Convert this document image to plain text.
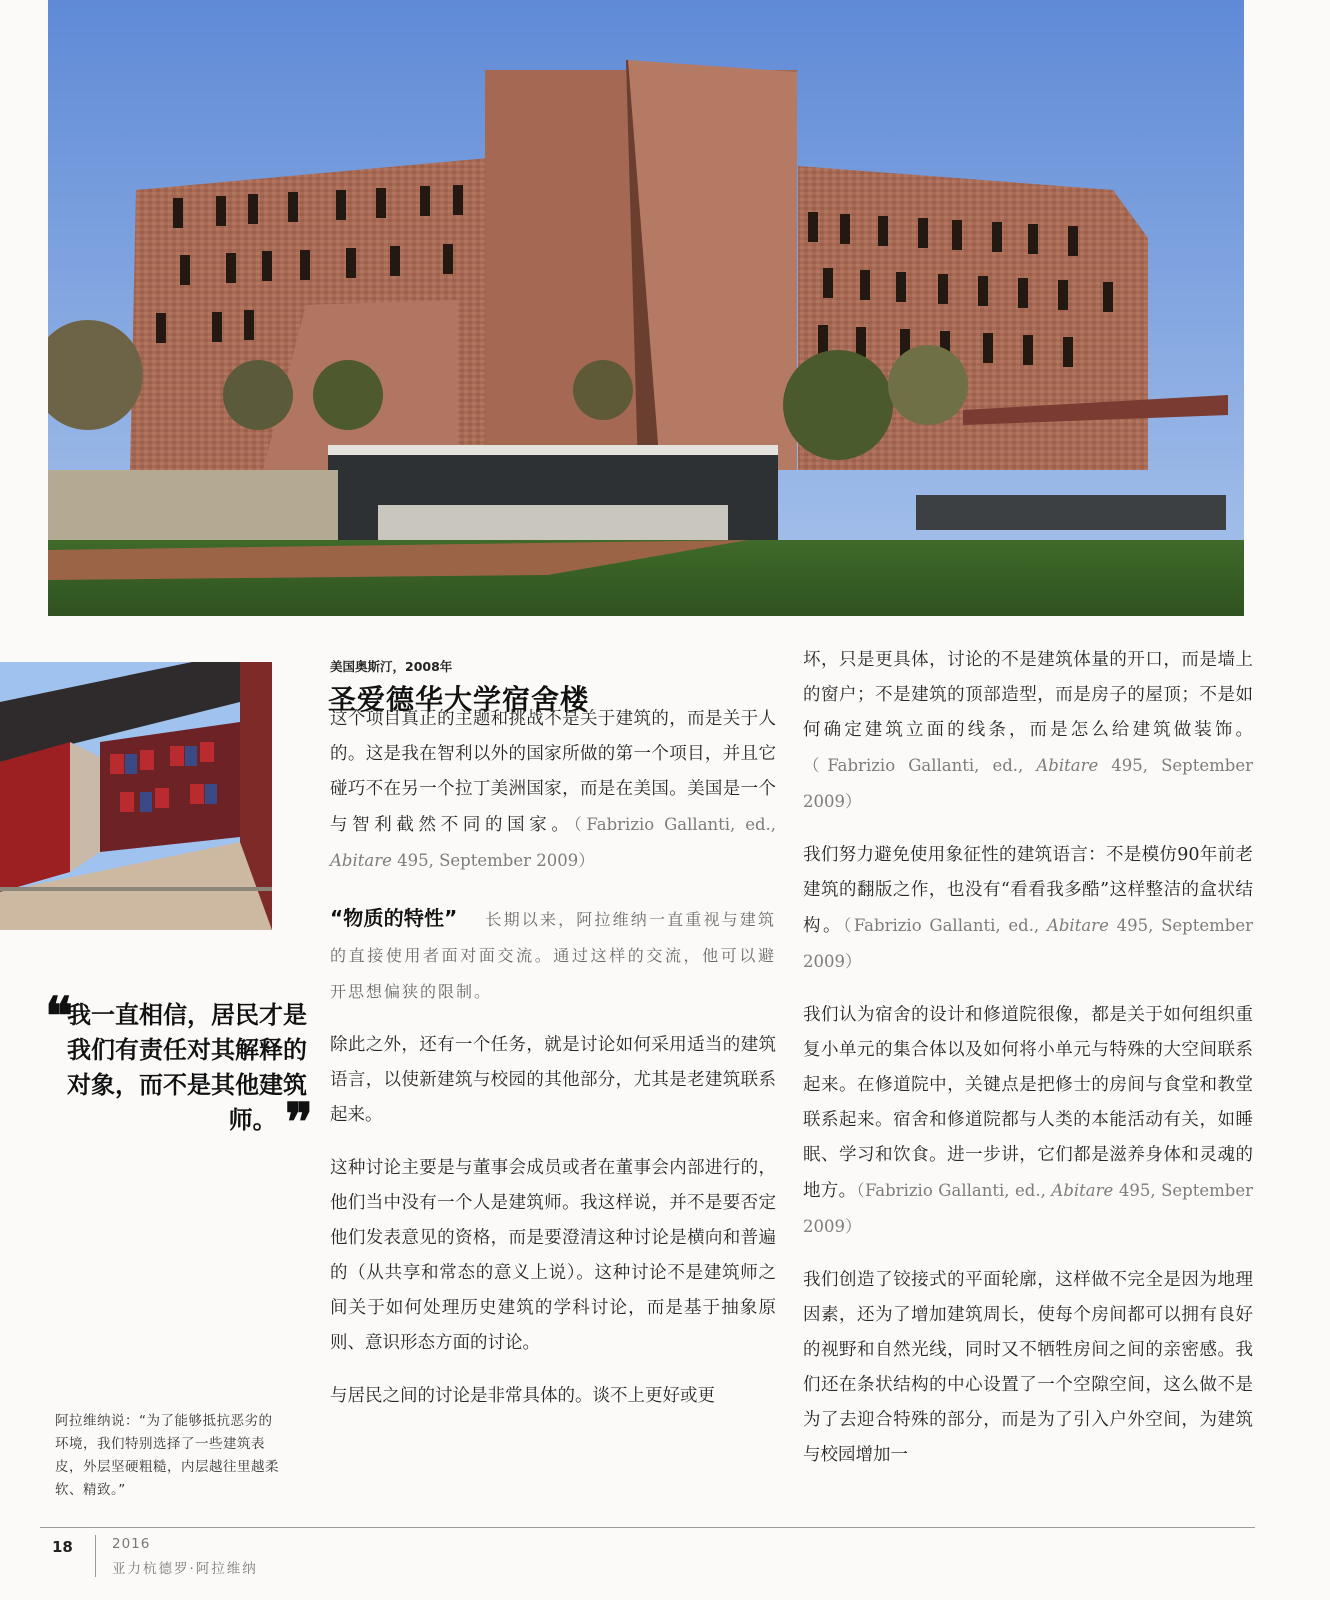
❝ 我一直相信，居民才是我们有责任对其解释的对象，而不是其他建筑师。 ❞
阿拉维纳说：“为了能够抵抗恶劣的环境，我们特别选择了一些建筑表皮，外层坚硬粗糙，内层越往里越柔软、精致。”
美国奥斯汀，2008年
圣爱德华大学宿舍楼

这个项目真正的主题和挑战不是关于建筑的，而是关于人的。这是我在智利以外的国家所做的第一个项目，并且它碰巧不在另一个拉丁美洲国家，而是在美国。美国是一个与智利截然不同的国家。（Fabrizio Gallanti, ed., Abitare 495, September 2009）

“物质的特性” 长期以来，阿拉维纳一直重视与建筑的直接使用者面对面交流。通过这样的交流，他可以避开思想偏狭的限制。

除此之外，还有一个任务，就是讨论如何采用适当的建筑语言，以使新建筑与校园的其他部分，尤其是老建筑联系起来。

这种讨论主要是与董事会成员或者在董事会内部进行的，他们当中没有一个人是建筑师。我这样说，并不是要否定他们发表意见的资格，而是要澄清这种讨论是横向和普遍的（从共享和常态的意义上说）。这种讨论不是建筑师之间关于如何处理历史建筑的学科讨论，而是基于抽象原则、意识形态方面的讨论。

与居民之间的讨论是非常具体的。谈不上更好或更

坏，只是更具体，讨论的不是建筑体量的开口，而是墙上的窗户；不是建筑的顶部造型，而是房子的屋顶；不是如何确定建筑立面的线条，而是怎么给建筑做装饰。（Fabrizio Gallanti, ed., Abitare 495, September 2009）

我们努力避免使用象征性的建筑语言：不是模仿90年前老建筑的翻版之作，也没有“看看我多酷”这样整洁的盒状结构。（Fabrizio Gallanti, ed., Abitare 495, September 2009）

我们认为宿舍的设计和修道院很像，都是关于如何组织重复小单元的集合体以及如何将小单元与特殊的大空间联系起来。在修道院中，关键点是把修士的房间与食堂和教堂联系起来。宿舍和修道院都与人类的本能活动有关，如睡眠、学习和饮食。进一步讲，它们都是滋养身体和灵魂的地方。（Fabrizio Gallanti, ed., Abitare 495, September 2009）

我们创造了铰接式的平面轮廓，这样做不完全是因为地理因素，还为了增加建筑周长，使每个房间都可以拥有良好的视野和自然光线，同时又不牺牲房间之间的亲密感。我们还在条状结构的中心设置了一个空隙空间，这么做不是为了去迎合特殊的部分，而是为了引入户外空间，为建筑与校园增加一

18	2016
亚力杭德罗·阿拉维纳
